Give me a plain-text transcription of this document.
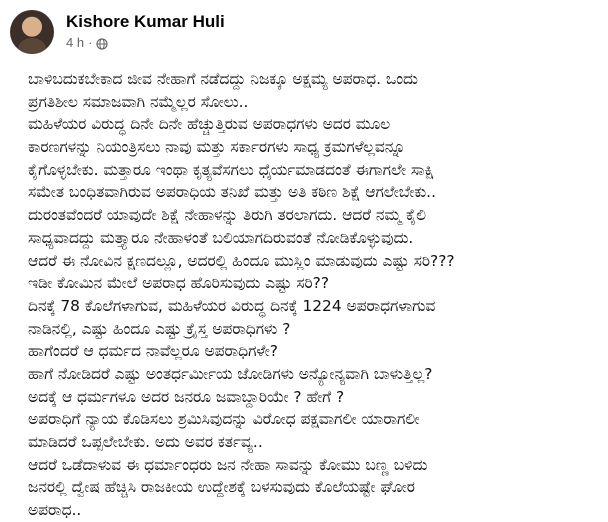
Kishore Kumar Huli
4 h ·
ಬಾಳಿಬದುಕಬೇಕಾದ ಜೀವ ನೇಹಾಗೆ ನಡೆದದ್ದು ನಿಜಕ್ಕೂ ಅಕ್ಷಮ್ಯ ಅಪರಾಧ. ಒಂದು
ಪ್ರಗತಿಶೀಲ ಸಮಾಜವಾಗಿ ನಮ್ಮೆಲ್ಲರ ಸೋಲು..
ಮಹಿಳೆಯರ ವಿರುದ್ಧ ದಿನೇ ದಿನೇ ಹೆಚ್ಚುತ್ತಿರುವ ಅಪರಾಧಗಳು ಅದರ ಮೂಲ
ಕಾರಣಗಳನ್ನು ನಿಯಂತ್ರಿಸಲು ನಾವು ಮತ್ತು ಸರ್ಕಾರಗಳು ಸಾಧ್ಯ ಕ್ರಮಗಳೆಲ್ಲವನ್ನೂ
ಕೈಗೊಳ್ಳಬೇಕು. ಮತ್ತಾರೂ ಇಂಥಾ ಕೃತ್ಯವೆಸಗಲು ಧೈರ್ಯಮಾಡದಂತೆ ಈಗಾಗಲೇ ಸಾಕ್ಷಿ
ಸಮೇತ ಬಂಧಿತವಾಗಿರುವ ಅಪರಾಧಿಯ ತನಿಖೆ ಮತ್ತು ಅತಿ ಕಠಿಣ ಶಿಕ್ಷೆ ಆಗಲೇಬೇಕು..
ದುರಂತವೆಂದರೆ ಯಾವುದೇ ಶಿಕ್ಷೆ ನೇಹಾಳನ್ನು ತಿರುಗಿ ತರಲಾಗದು. ಆದರೆ ನಮ್ಮ ಕೈಲಿ
ಸಾಧ್ಯವಾದದ್ದು ಮತ್ತ್ಯಾರೂ ನೇಹಾಳಂತೆ ಬಲಿಯಾಗದಿರುವಂತೆ ನೋಡಿಕೊಳ್ಳುವುದು.
ಆದರೆ ಈ ನೋವಿನ ಕ್ಷಣದಲ್ಲೂ, ಅದರಲ್ಲಿ ಹಿಂದೂ ಮುಸ್ಲಿಂ ಮಾಡುವುದು ಎಷ್ಟು ಸರಿ???
ಇಡೀ ಕೋಮಿನ ಮೇಲೆ ಅಪರಾಧ ಹೊರಿಸುವುದು ಎಷ್ಟು ಸರಿ??
ದಿನಕ್ಕೆ 78 ಕೊಲೆಗಳಾಗುವ, ಮಹಿಳೆಯರ ವಿರುದ್ಧ ದಿನಕ್ಕೆ 1224 ಅಪರಾಧಗಳಾಗುವ
ನಾಡಿನಲ್ಲಿ, ಎಷ್ಟು ಹಿಂದೂ ಎಷ್ಟು ಕ್ರೈಸ್ತ ಅಪರಾಧಿಗಳು ?
ಹಾಗೆಂದರೆ ಆ ಧರ್ಮದ ನಾವೆಲ್ಲರೂ ಅಪರಾಧಿಗಳೇ?
ಹಾಗೆ ನೋಡಿದರೆ ಎಷ್ಟು ಅಂತರ್ಧರ್ಮೀಯ ಜೋಡಿಗಳು ಅನ್ಯೋನ್ಯವಾಗಿ ಬಾಳುತ್ತಿಲ್ಲ?
ಅದಕ್ಕೆ ಆ ಧರ್ಮಗಳೂ ಅದರ ಜನರೂ ಜವಾಬ್ದಾರಿಯೇ ? ಹೇಗೆ ?
ಅಪರಾಧಿಗೆ ನ್ಯಾಯ ಕೊಡಿಸಲು ಶ್ರಮಿಸಿವುದನ್ನು ವಿರೋಧ ಪಕ್ಷವಾಗಲೀ ಯಾರಾಗಲೀ
ಮಾಡಿದರೆ ಒಪ್ಪಲೇಬೇಕು. ಅದು ಅವರ ಕರ್ತವ್ಯ..
ಆದರೆ ಒಡೆದಾಳುವ ಈ ಧರ್ಮಾಂಧರು ಜನ ನೇಹಾ ಸಾವನ್ನು ಕೋಮು ಬಣ್ಣ ಬಳಿದು
ಜನರಲ್ಲಿ ದ್ವೇಷ ಹೆಚ್ಚಿಸಿ ರಾಜಕೀಯ ಉದ್ದೇಶಕ್ಕೆ ಬಳಸುವುದು ಕೊಲೆಯಷ್ಟೇ ಘೋರ
ಅಪರಾಧ..
